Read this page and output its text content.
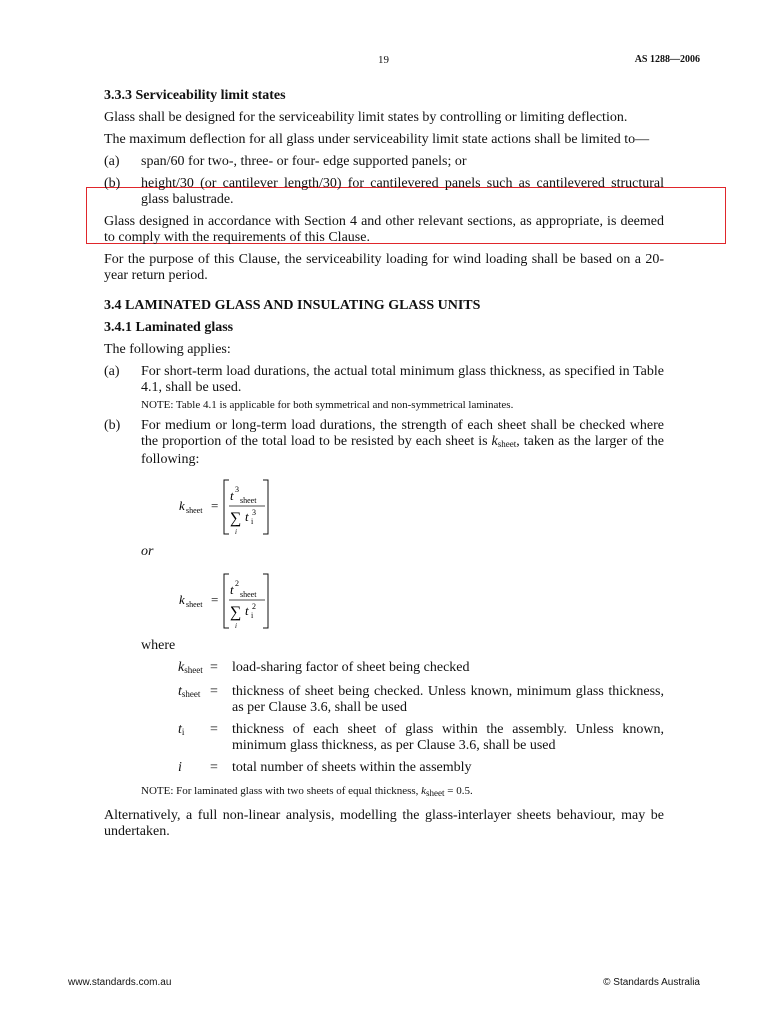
19	AS 1288—2006
3.3.3 Serviceability limit states
Glass shall be designed for the serviceability limit states by controlling or limiting deflection.
The maximum deflection for all glass under serviceability limit state actions shall be limited to—
(a)	span/60 for two-, three- or four- edge supported panels; or
(b)	height/30 (or cantilever length/30) for cantilevered panels such as cantilevered structural glass balustrade.
Glass designed in accordance with Section 4 and other relevant sections, as appropriate, is deemed to comply with the requirements of this Clause.
For the purpose of this Clause, the serviceability loading for wind loading shall be based on a 20-year return period.
3.4 LAMINATED GLASS AND INSULATING GLASS UNITS
3.4.1 Laminated glass
The following applies:
(a)	For short-term load durations, the actual total minimum glass thickness, as specified in Table 4.1, shall be used.
NOTE: Table 4.1 is applicable for both symmetrical and non-symmetrical laminates.
(b)	For medium or long-term load durations, the strength of each sheet shall be checked where the proportion of the total load to be resisted by each sheet is $k_{sheet}$, taken as the larger of the following:
k sheet =
t 3
sheet
∑ t i
3
i
or
k sheet =
t 2
sheet
∑ t i
2
i
where
$k_{sheet}$ =	load-sharing factor of sheet being checked
$t_{sheet}$ =	thickness of sheet being checked. Unless known, minimum glass thickness, as per Clause 3.6, shall be used
$t_i$	=	thickness of each sheet of glass within the assembly. Unless known, minimum glass thickness, as per Clause 3.6, shall be used
i	=	total number of sheets within the assembly
NOTE: For laminated glass with two sheets of equal thickness, $k_{sheet} = 0.5$.
Alternatively, a full non-linear analysis, modelling the glass-interlayer sheets behaviour, may be undertaken.
www.standards.com.au	© Standards Australia
